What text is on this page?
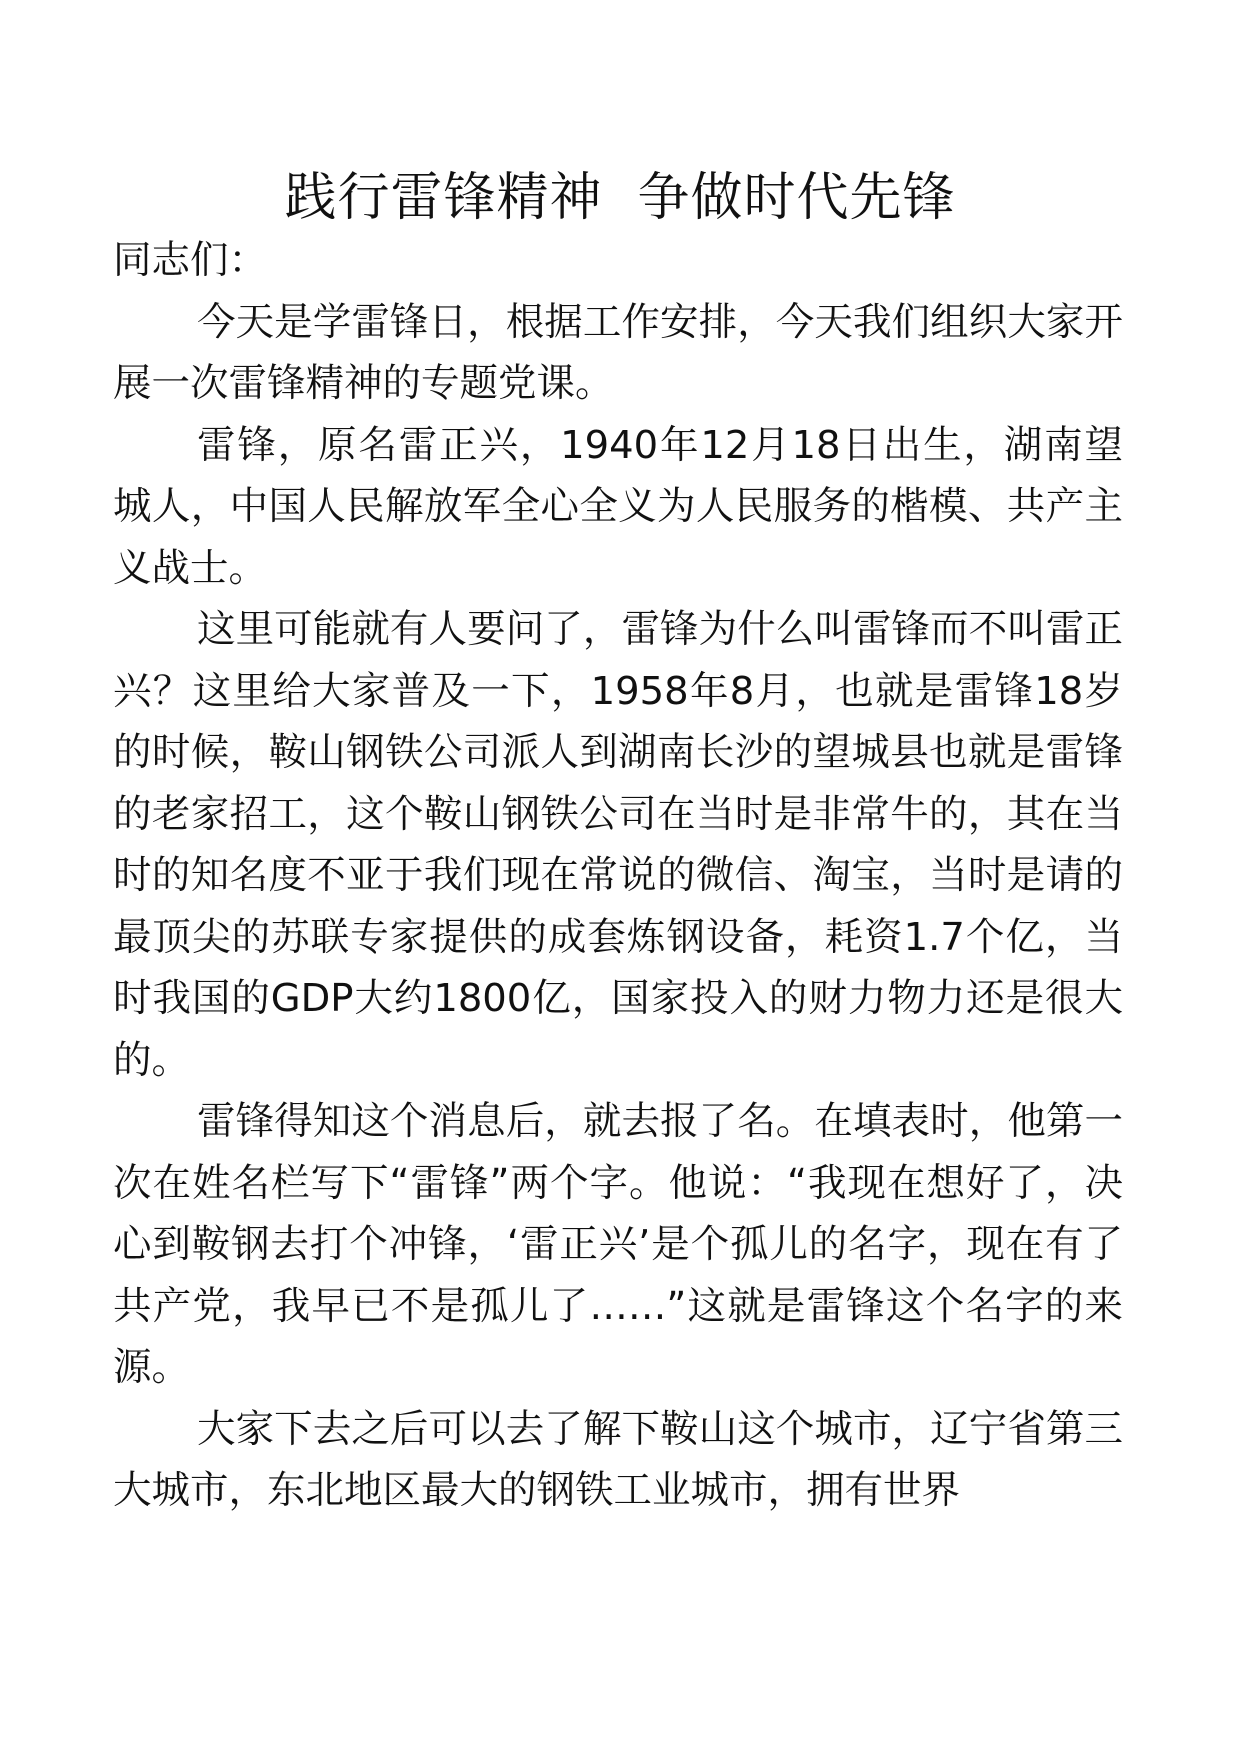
践行雷锋精神  争做时代先锋

同志们：

今天是学雷锋日，根据工作安排，今天我们组织大家开展一次雷锋精神的专题党课。

雷锋，原名雷正兴，1940年12月18日出生，湖南望城人，中国人民解放军全心全义为人民服务的楷模、共产主义战士。

这里可能就有人要问了，雷锋为什么叫雷锋而不叫雷正兴？这里给大家普及一下，1958年8月，也就是雷锋18岁的时候，鞍山钢铁公司派人到湖南长沙的望城县也就是雷锋的老家招工，这个鞍山钢铁公司在当时是非常牛的，其在当时的知名度不亚于我们现在常说的微信、淘宝，当时是请的最顶尖的苏联专家提供的成套炼钢设备，耗资1.7个亿，当时我国的GDP大约1800亿，国家投入的财力物力还是很大的。

雷锋得知这个消息后，就去报了名。在填表时，他第一次在姓名栏写下“雷锋”两个字。他说：“我现在想好了，决心到鞍钢去打个冲锋，‘雷正兴’是个孤儿的名字，现在有了共产党，我早已不是孤儿了……”这就是雷锋这个名字的来源。

大家下去之后可以去了解下鞍山这个城市，辽宁省第三大城市，东北地区最大的钢铁工业城市，拥有世界
